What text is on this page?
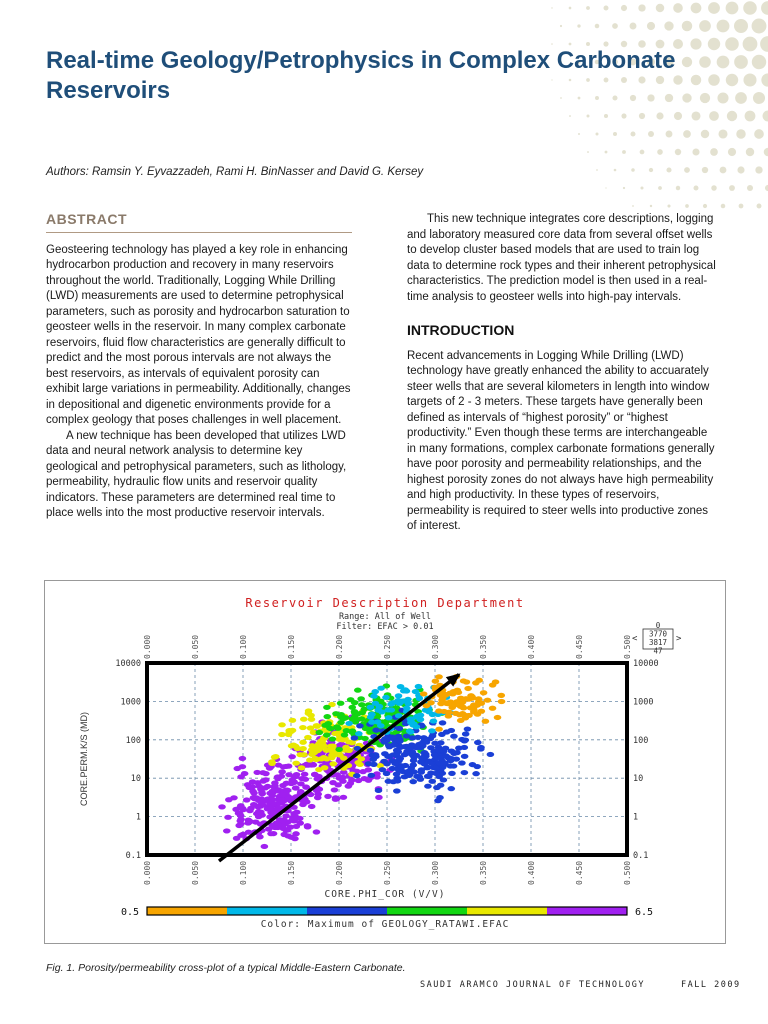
Real-time Geology/Petrophysics in Complex Carbonate Reservoirs
Authors: Ramsin Y. Eyvazzadeh, Rami H. BinNasser and David G. Kersey

ABSTRACT

Geosteering technology has played a key role in enhancing hydrocarbon production and recovery in many reservoirs throughout the world. Traditionally, Logging While Drilling (LWD) measurements are used to determine petrophysical parameters, such as porosity and hydrocarbon saturation to geosteer wells in the reservoir. In many complex carbonate reservoirs, fluid flow characteristics are generally difficult to predict and the most porous intervals are not always the best reservoirs, as intervals of equivalent porosity can exhibit large variations in permeability. Additionally, changes in depositional and digenetic environments provide for a complex geology that poses challenges in well placement.

A new technique has been developed that utilizes LWD data and neural network analysis to determine key geological and petrophysical parameters, such as lithology, permeability, hydraulic flow units and reservoir quality indicators. These parameters are determined real time to place wells into the most productive reservoir intervals.

This new technique integrates core descriptions, logging and laboratory measured core data from several offset wells to develop cluster based models that are used to train log data to determine rock types and their inherent petrophysical characteristics. The prediction model is then used in a real-time analysis to geosteer wells into high-pay intervals.

INTRODUCTION

Recent advancements in Logging While Drilling (LWD) technology have greatly enhanced the ability to accuarately steer wells that are several kilometers in length into window targets of 2 - 3 meters. These targets have generally been defined as intervals of “highest porosity” or “highest productivity.” Even though these terms are interchangeable in many formations, complex carbonate formations generally have poor porosity and permeability relationships, and the highest porosity zones do not always have high permeability and high productivity. In these types of reservoirs, permeability is required to steer wells into productive zones of interest.

Reservoir Description Department
Range: All of Well
Filter: EFAC > 0.01
0.000
0.000
0.050
0.050
0.100
0.100
0.150
0.150
0.200
0.200
0.250
0.250
0.300
0.300
0.350
0.350
0.400
0.400
0.450
0.450
0.500
0.500
0.1	0.1
1	1
10	10
100	100
1000	1000
10000	10000
CORE.PHI_COR (V/V)
CORE.PERM.K/S (MD)
0
3770
3817
47
<	>
0.5	6.5
Color: Maximum of GEOLOGY_RATAWI.EFAC
Fig. 1. Porosity/permeability cross-plot of a typical Middle-Eastern Carbonate.
SAUDI ARAMCO JOURNAL OF TECHNOLOGY	FALL 2009
